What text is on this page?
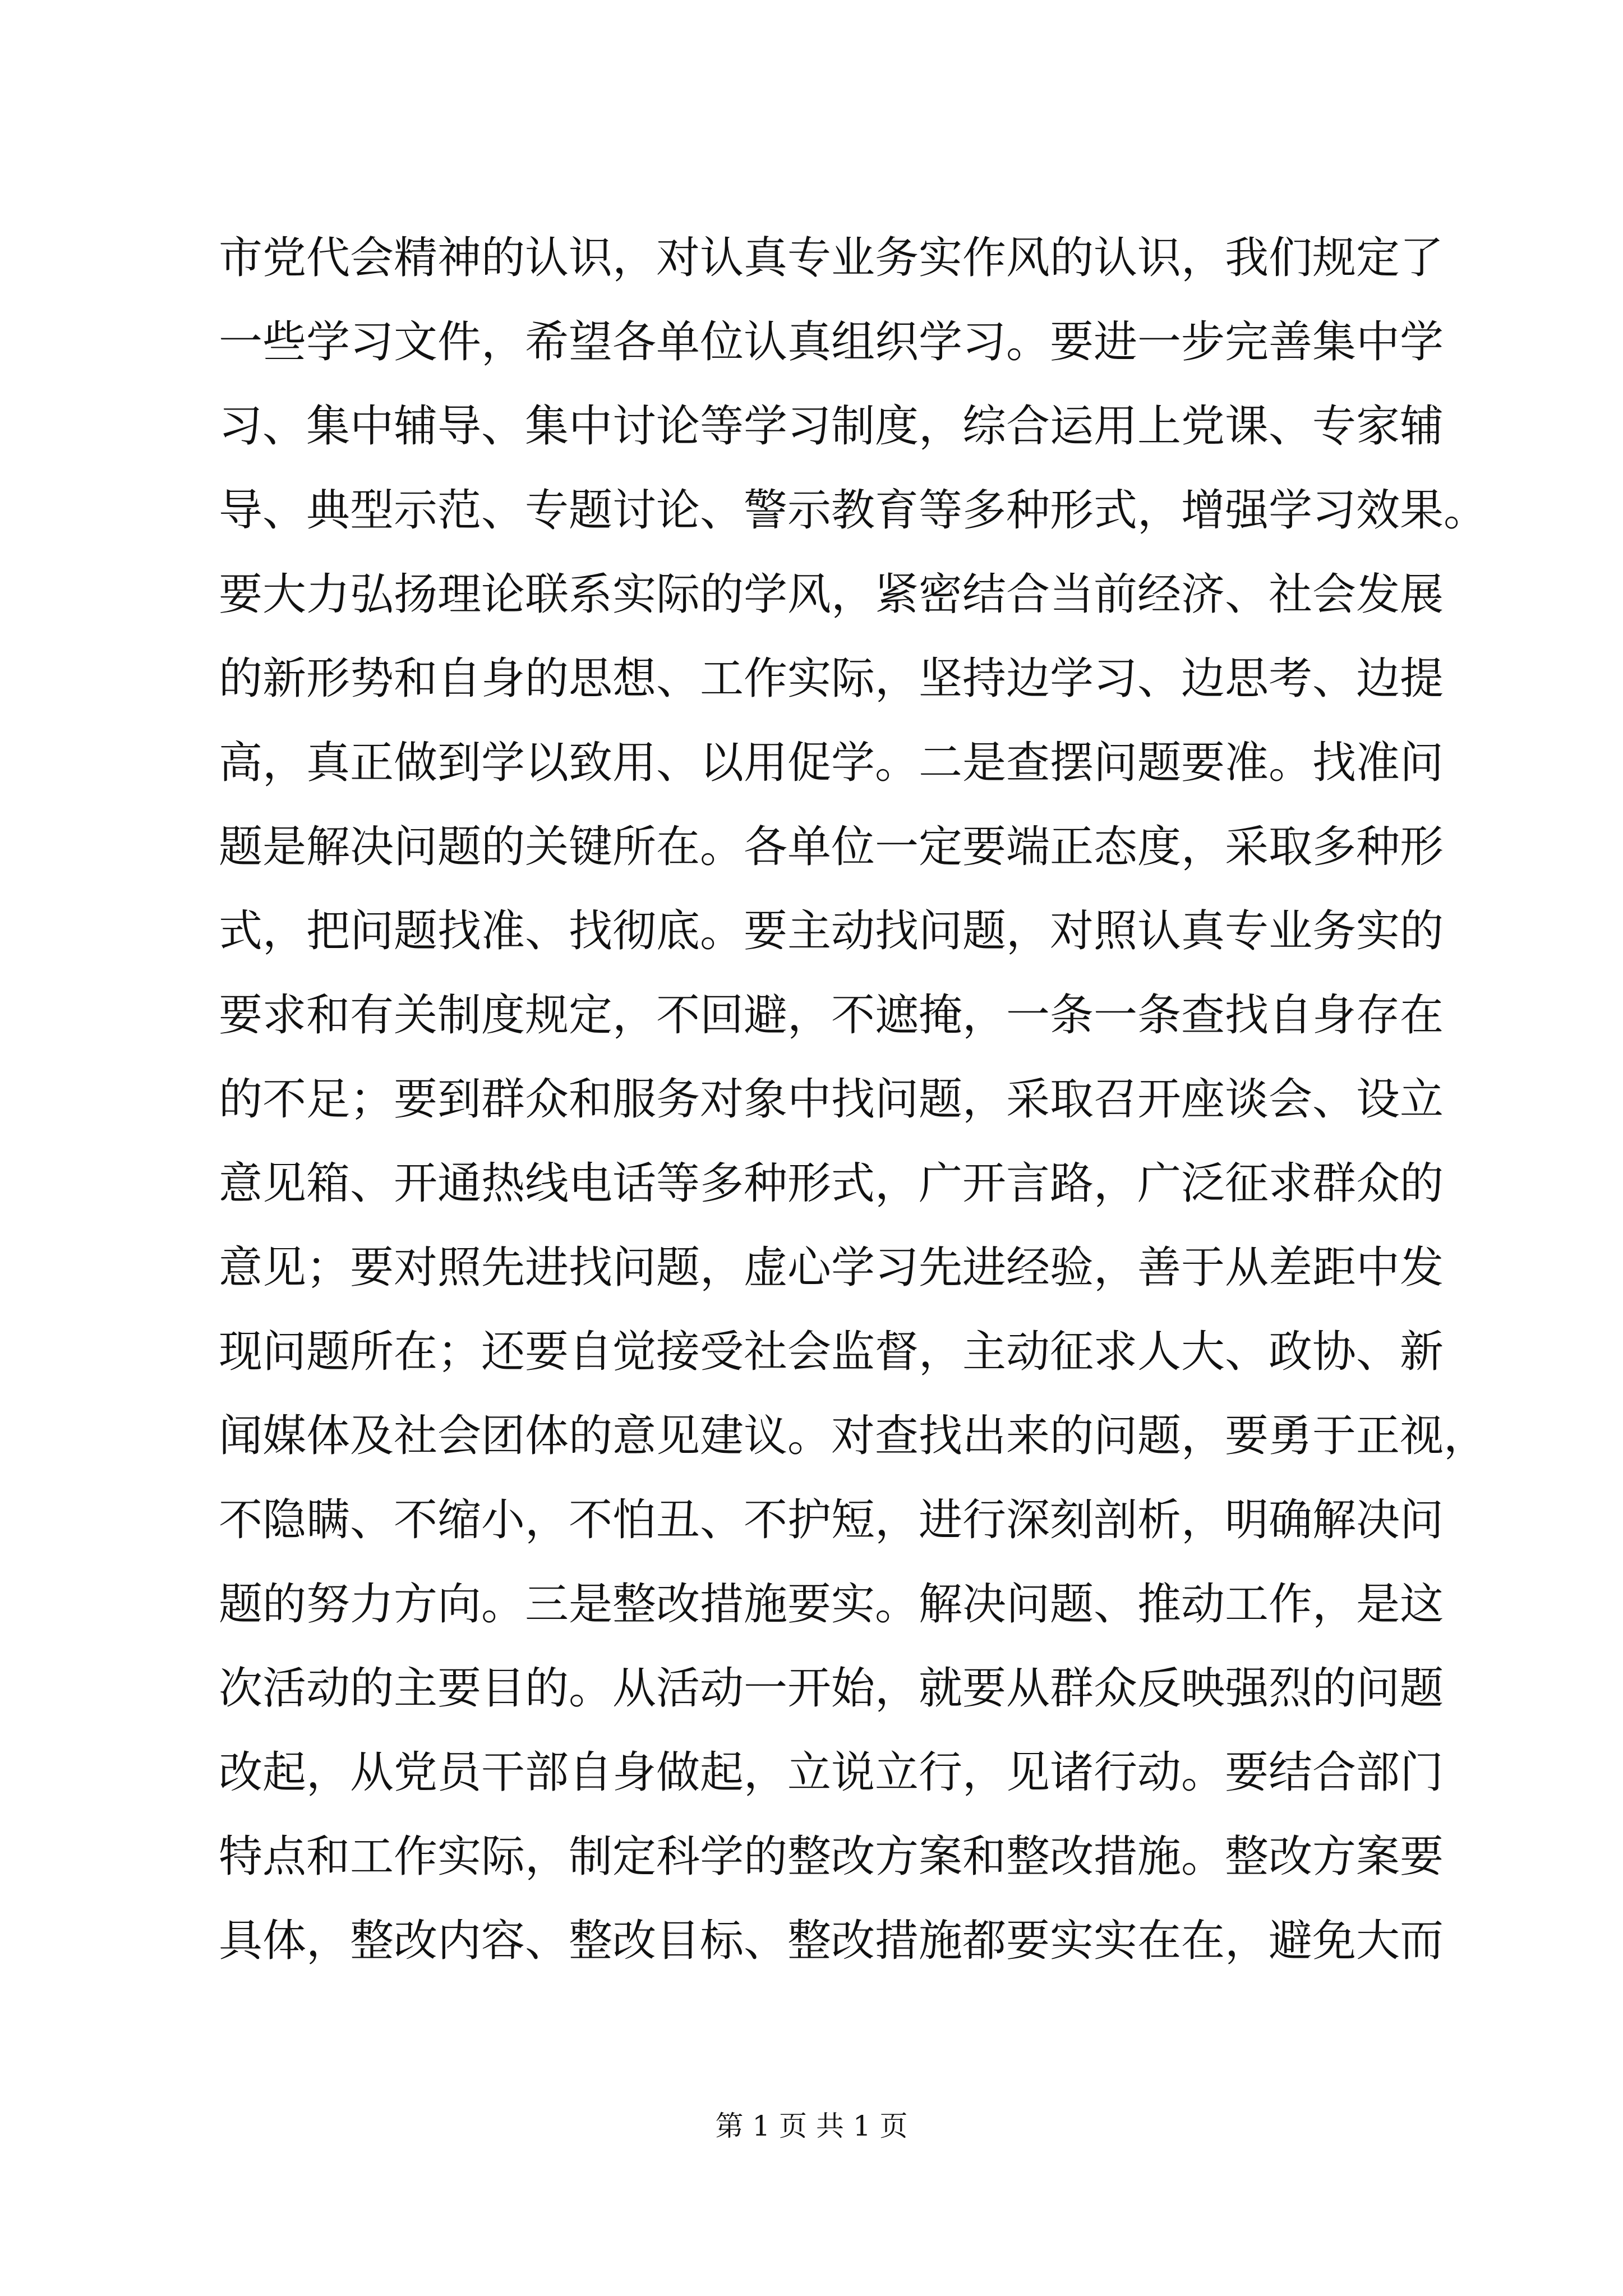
市党代会精神的认识，对认真专业务实作风的认识，我们规定了
一些学习文件，希望各单位认真组织学习。要进一步完善集中学
习、集中辅导、集中讨论等学习制度，综合运用上党课、专家辅
导、典型示范、专题讨论、警示教育等多种形式，增强学习效果。
要大力弘扬理论联系实际的学风，紧密结合当前经济、社会发展
的新形势和自身的思想、工作实际，坚持边学习、边思考、边提
高，真正做到学以致用、以用促学。二是查摆问题要准。找准问
题是解决问题的关键所在。各单位一定要端正态度，采取多种形
式，把问题找准、找彻底。要主动找问题，对照认真专业务实的
要求和有关制度规定，不回避，不遮掩，一条一条查找自身存在
的不足；要到群众和服务对象中找问题，采取召开座谈会、设立
意见箱、开通热线电话等多种形式，广开言路，广泛征求群众的
意见；要对照先进找问题，虚心学习先进经验，善于从差距中发
现问题所在；还要自觉接受社会监督，主动征求人大、政协、新
闻媒体及社会团体的意见建议。对查找出来的问题，要勇于正视，
不隐瞒、不缩小，不怕丑、不护短，进行深刻剖析，明确解决问
题的努力方向。三是整改措施要实。解决问题、推动工作，是这
次活动的主要目的。从活动一开始，就要从群众反映强烈的问题
改起，从党员干部自身做起，立说立行，见诸行动。要结合部门
特点和工作实际，制定科学的整改方案和整改措施。整改方案要
具体，整改内容、整改目标、整改措施都要实实在在，避免大而
第 1 页 共 1 页
